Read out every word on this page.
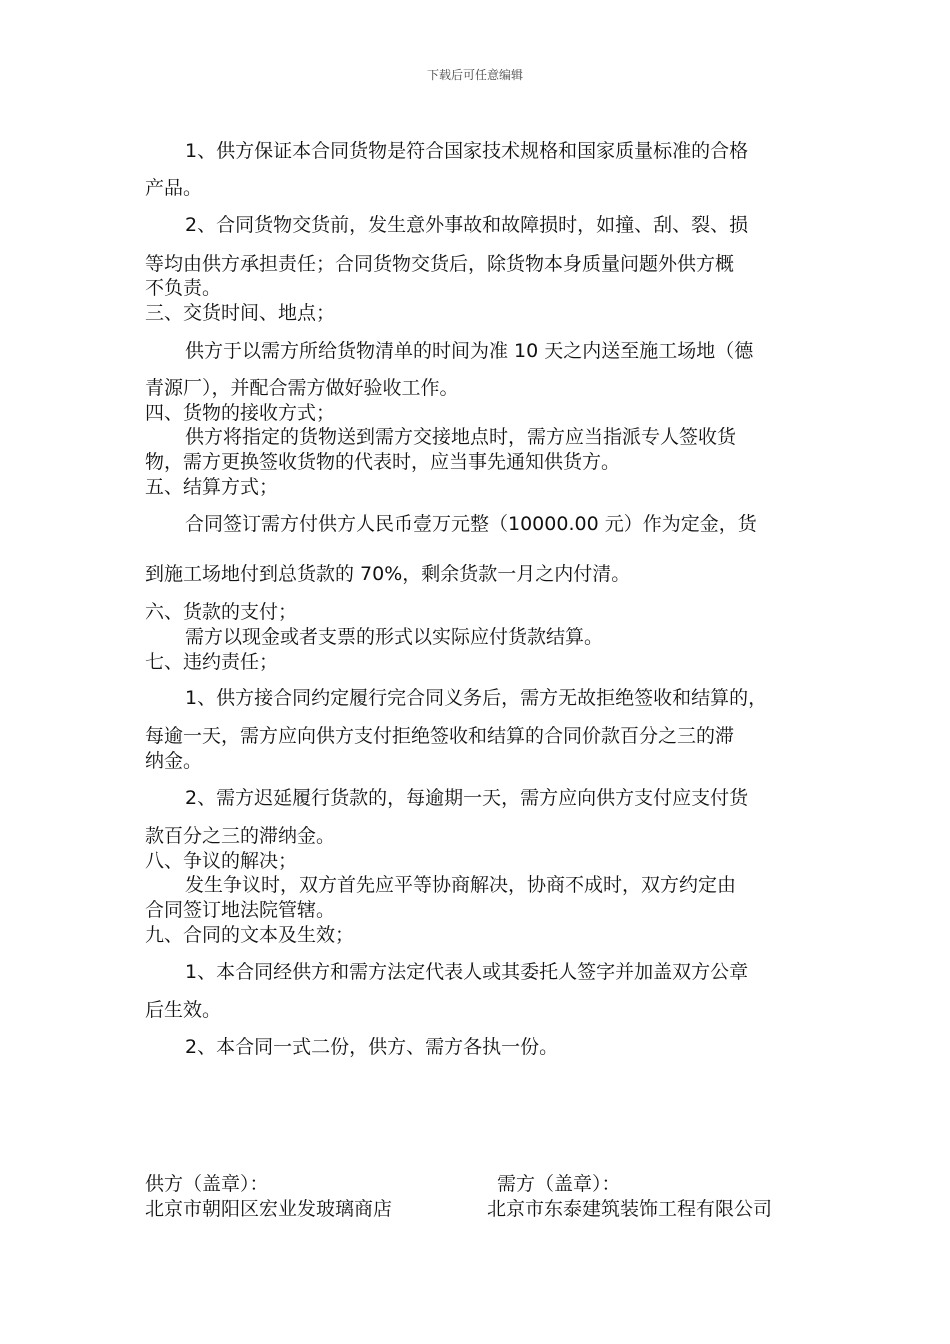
下载后可任意编辑
1、供方保证本合同货物是符合国家技术规格和国家质量标准的合格
产品。
2、合同货物交货前，发生意外事故和故障损时，如撞、刮、裂、损
等均由供方承担责任；合同货物交货后，除货物本身质量问题外供方概
不负责。
三、交货时间、地点；
供方于以需方所给货物清单的时间为准 10 天之内送至施工场地（德
青源厂），并配合需方做好验收工作。
四、货物的接收方式；
供方将指定的货物送到需方交接地点时，需方应当指派专人签收货
物，需方更换签收货物的代表时，应当事先通知供货方。
五、结算方式；
合同签订需方付供方人民币壹万元整（10000.00 元）作为定金，货
到施工场地付到总货款的 70%，剩余货款一月之内付清。
六、货款的支付；
需方以现金或者支票的形式以实际应付货款结算。
七、违约责任；
1、供方接合同约定履行完合同义务后，需方无故拒绝签收和结算的，
每逾一天，需方应向供方支付拒绝签收和结算的合同价款百分之三的滞
纳金。
2、需方迟延履行货款的，每逾期一天，需方应向供方支付应支付货
款百分之三的滞纳金。
八、争议的解决；
发生争议时，双方首先应平等协商解决，协商不成时，双方约定由
合同签订地法院管辖。
九、合同的文本及生效；
1、本合同经供方和需方法定代表人或其委托人签字并加盖双方公章
后生效。
2、本合同一式二份，供方、需方各执一份。
供方（盖章）：
北京市朝阳区宏业发玻璃商店
需方（盖章）：
北京市东泰建筑装饰工程有限公司
